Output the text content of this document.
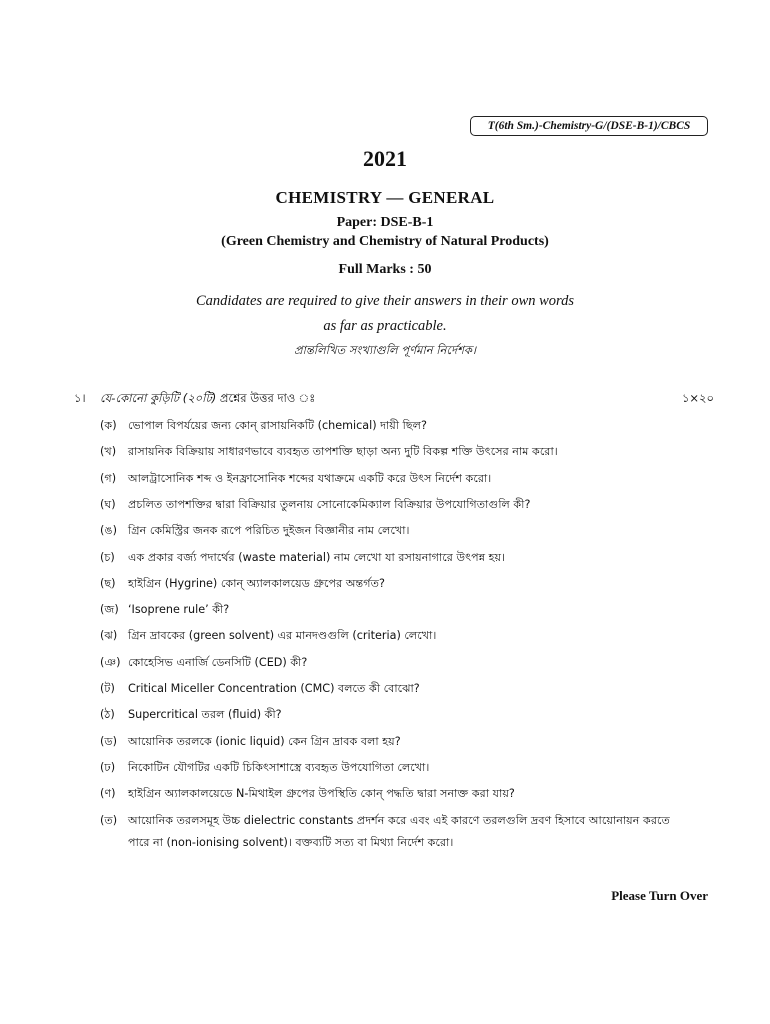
T(6th Sm.)-Chemistry-G/(DSE-B-1)/CBCS
2021
CHEMISTRY — GENERAL
Paper: DSE-B-1
(Green Chemistry and Chemistry of Natural Products)
Full Marks : 50
Candidates are required to give their answers in their own words
as far as practicable.
প্রান্তলিখিত সংখ্যাগুলি পূর্ণমান নির্দেশক।
১। যে-কোনো কুড়িটি (২০টি) প্রশ্নের উত্তর দাও ঃ	১×২০
(ক)	ভোপাল বিপর্যয়ের জন্য কোন্ রাসায়নিকটি (chemical) দায়ী ছিল?
(খ)	রাসায়নিক বিক্রিয়ায় সাধারণভাবে ব্যবহৃত তাপশক্তি ছাড়া অন্য দুটি বিকল্প শক্তি উৎসের নাম করো।
(গ)	আলট্রাসোনিক শব্দ ও ইনফ্রাসোনিক শব্দের যথাক্রমে একটি করে উৎস নির্দেশ করো।
(ঘ)	প্রচলিত তাপশক্তির দ্বারা বিক্রিয়ার তুলনায় সোনোকেমিক্যাল বিক্রিয়ার উপযোগিতাগুলি কী?
(ঙ) গ্রিন কেমিস্ট্রির জনক রূপে পরিচিত দুইজন বিজ্ঞানীর নাম লেখো।
(চ)	এক প্রকার বর্জ্য পদার্থের (waste material) নাম লেখো যা রসায়নাগারে উৎপন্ন হয়।
(ছ)	হাইগ্রিন (Hygrine) কোন্ অ্যালকালয়েড গ্রুপের অন্তর্গত?
(জ) ‘Isoprene rule’ কী?
(ঝ) গ্রিন দ্রাবকের (green solvent) এর মানদণ্ডগুলি (criteria) লেখো।
(ঞ) কোহেসিভ এনার্জি ডেনসিটি (CED) কী?
(ট)	Critical Miceller Concentration (CMC) বলতে কী বোঝো?
(ঠ)	Supercritical তরল (fluid) কী?
(ড) আয়োনিক তরলকে (ionic liquid) কেন গ্রিন দ্রাবক বলা হয়?
(ঢ)	নিকোটিন যৌগটির একটি চিকিৎসাশাস্ত্রে ব্যবহৃত উপযোগিতা লেখো।
(ণ)	হাইগ্রিন অ্যালকালয়েডে N-মিথাইল গ্রুপের উপস্থিতি কোন্ পদ্ধতি দ্বারা সনাক্ত করা যায়?
(ত) আয়োনিক তরলসমূহ উচ্চ dielectric constants প্রদর্শন করে এবং এই কারণে তরলগুলি দ্রবণ হিসাবে আয়োনায়ন করতে
পারে না (non-ionising solvent)। বক্তব্যটি সত্য বা মিথ্যা নির্দেশ করো।
Please Turn Over
